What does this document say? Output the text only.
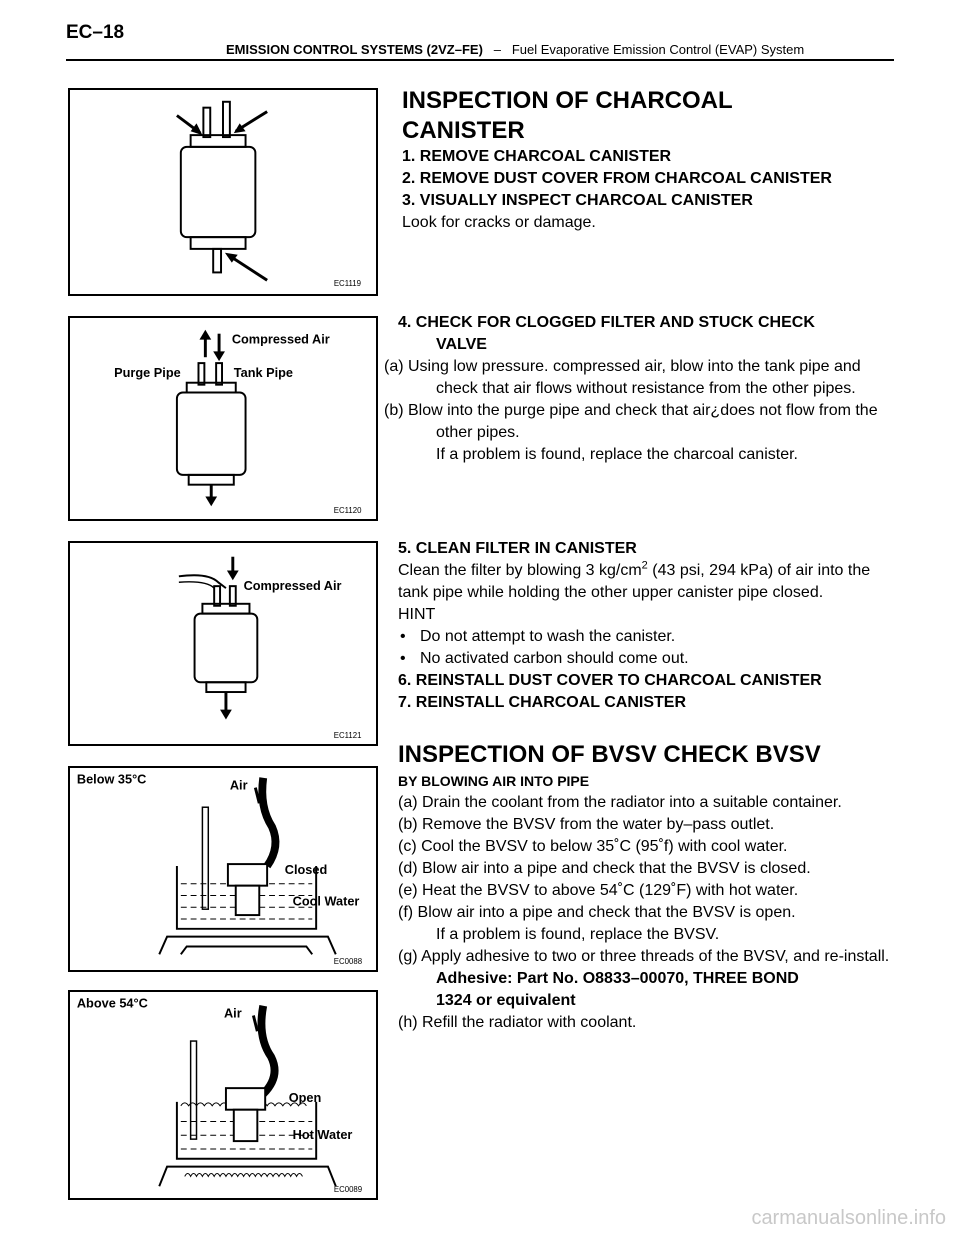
EC–18
EMISSION CONTROL SYSTEMS (2VZ–FE) – Fuel Evaporative Emission Control (EVAP) System
EC1119
Compressed Air
Purge Pipe	Tank Pipe
EC1120
Compressed Air
EC1121
Below 35°C	Air
Closed
Cool Water
EC0088
Above 54°C
Air
Open
Hot Water
EC0089
INSPECTION OF CHARCOAL
CANISTER
1. REMOVE CHARCOAL CANISTER
2. REMOVE DUST COVER FROM CHARCOAL CANISTER
3. VISUALLY INSPECT CHARCOAL CANISTER
Look for cracks or damage.
4. CHECK FOR CLOGGED FILTER AND STUCK CHECK
VALVE
(a) Using low pressure. compressed air, blow into the tank pipe and check that air flows without resistance from the other pipes.
(b) Blow into the purge pipe and check that air¿does not flow from the other pipes.
If a problem is found, replace the charcoal canister.
5. CLEAN FILTER IN CANISTER
Clean the filter by blowing 3 $kg/cm^2$ (43 psi, 294 kPa) of air into the tank pipe while holding the other upper canister pipe closed.
HINT
• Do not attempt to wash the canister.
• No activated carbon should come out.
6. REINSTALL DUST COVER TO CHARCOAL CANISTER
7. REINSTALL CHARCOAL CANISTER
INSPECTION OF BVSV CHECK BVSV
BY BLOWING AIR INTO PIPE
(a) Drain the coolant from the radiator into a suitable container.
(b) Remove the BVSV from the water by–pass outlet.
(c) Cool the BVSV to below 35˚C (95˚f) with cool water.
(d) Blow air into a pipe and check that the BVSV is closed.
(e) Heat the BVSV to above 54˚C (129˚F) with hot water.
(f) Blow air into a pipe and check that the BVSV is open.
If a problem is found, replace the BVSV.
(g) Apply adhesive to two or three threads of the BVSV, and re-install.
Adhesive: Part No. O8833–00070, THREE BOND
1324 or equivalent
(h) Refill the radiator with coolant.
carmanualsonline.info
